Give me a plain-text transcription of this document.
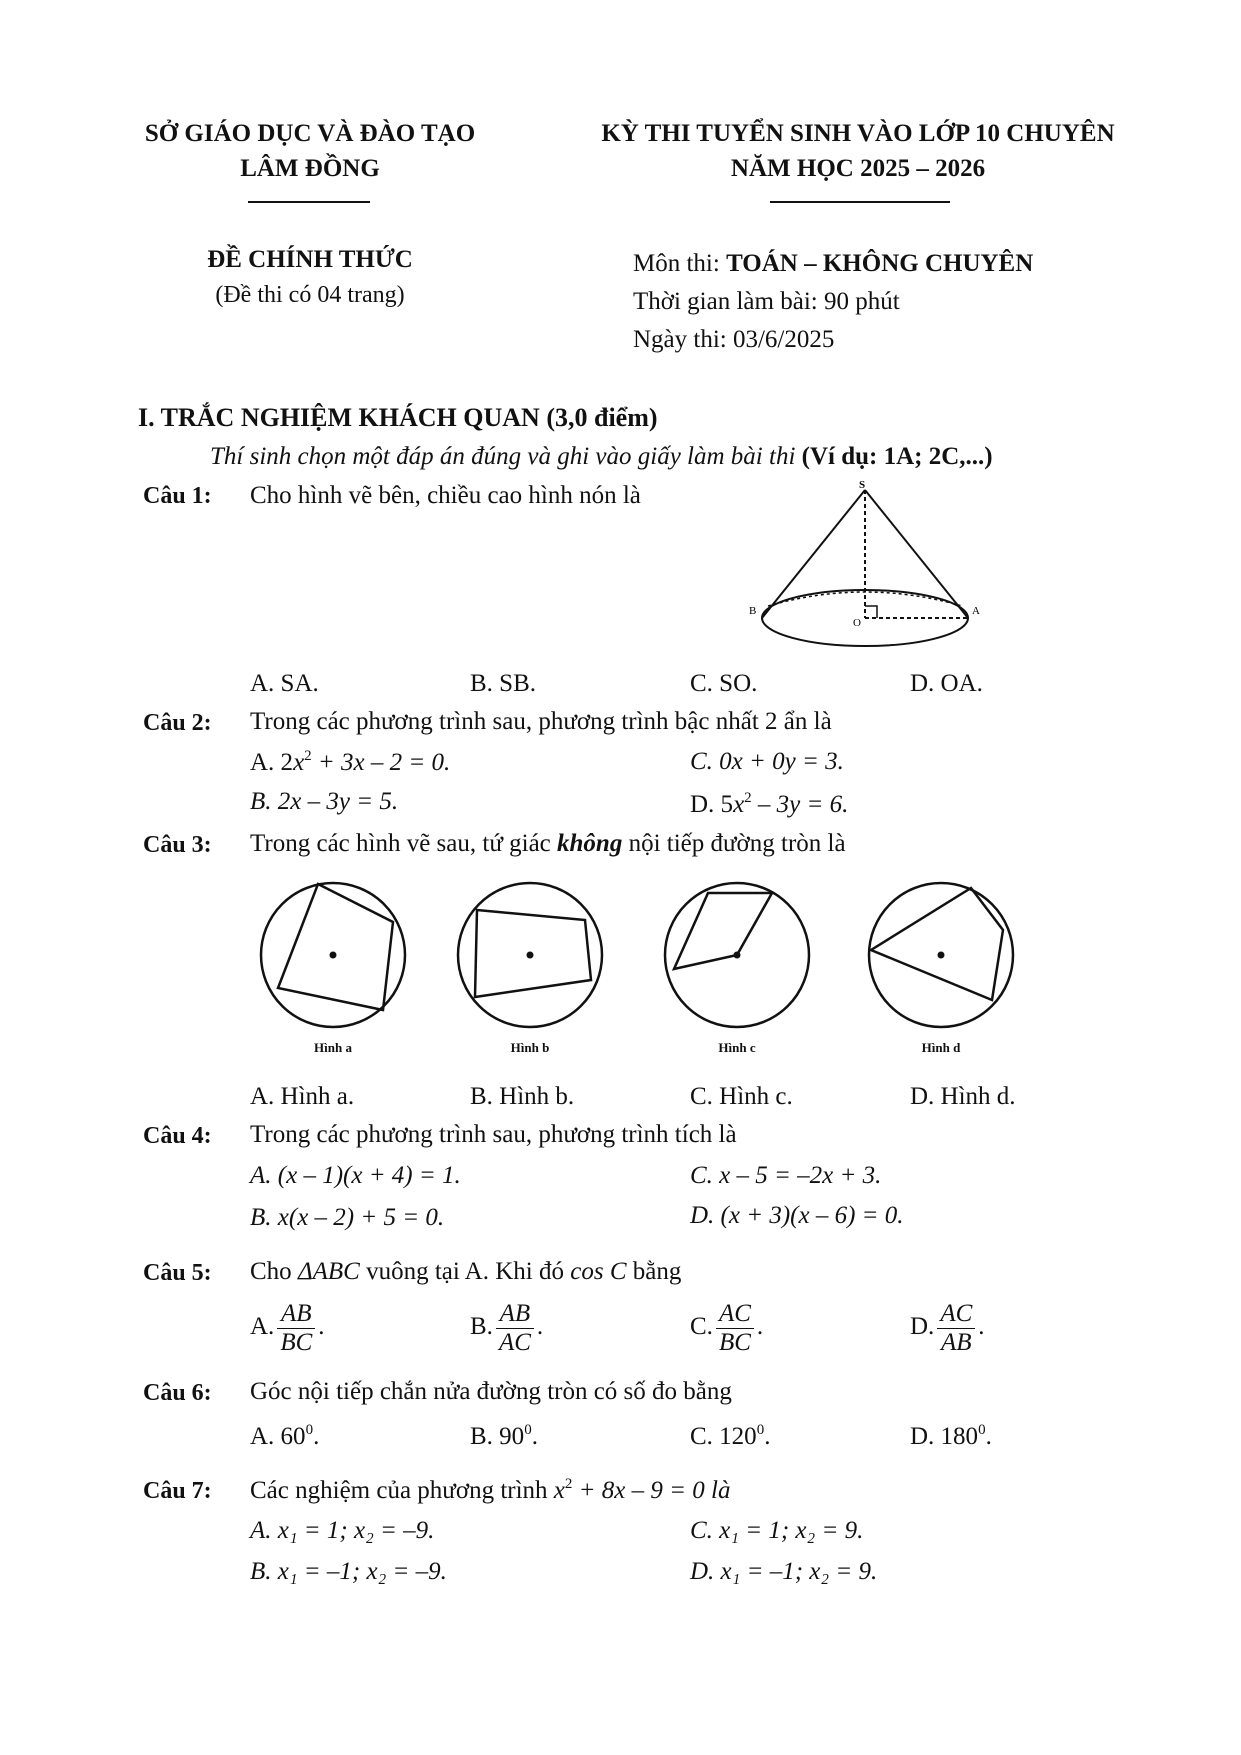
SỞ GIÁO DỤC VÀ ĐÀO TẠO
LÂM ĐỒNG
KỲ THI TUYỂN SINH VÀO LỚP 10 CHUYÊN
NĂM HỌC 2025 – 2026
ĐỀ CHÍNH THỨC
(Đề thi có 04 trang)
Môn thi: TOÁN – KHÔNG CHUYÊN
Thời gian làm bài: 90 phút
Ngày thi: 03/6/2025
I. TRẮC NGHIỆM KHÁCH QUAN (3,0 điểm)
Thí sinh chọn một đáp án đúng và ghi vào giấy làm bài thi (Ví dụ: 1A; 2C,...)
Câu 1: Cho hình vẽ bên, chiều cao hình nón là	S
A
B
O
A. SA.	B. SB.	C. SO.	D. OA.
Câu 2: Trong các phương trình sau, phương trình bậc nhất 2 ẩn là
A. $2x^2 + 3x - 2 = 0$.
B. 2x – 3y = 5.
C. 0x + 0y = 3.
D. $5x^2 - 3y = 6$.
Câu 3: Trong các hình vẽ sau, tứ giác không nội tiếp đường tròn là
Hình a	Hình b	Hình c	Hình d
A. Hình a.	B. Hình b.	C. Hình c.	D. Hình d.
Câu 4: Trong các phương trình sau, phương trình tích là
A. (x – 1)(x + 4) = 1.
B. x(x – 2) + 5 = 0.
C. x – 5 = –2x + 3.
D. (x + 3)(x – 6) = 0.
Câu 5: Cho ΔABC vuông tại A. Khi đó cos C bằng
A. $\frac{AB}{BC}$ .	B. $\frac{AB}{AC}$ .	C. $\frac{AC}{BC}$ .	D. $\frac{AC}{AB}$ .
Câu 6: Góc nội tiếp chắn nửa đường tròn có số đo bằng
A. $60^0$.	B. $90^0$.	C. $120^0$.	D. $180^0$.
Câu 7: Các nghiệm của phương trình $x^2 + 8x - 9 = 0$ là
A. x₁ = 1; x₂ = –9.
B. x₁ = –1; x₂ = –9.
C. x₁ = 1; x₂ = 9.
D. x₁ = –1; x₂ = 9.
